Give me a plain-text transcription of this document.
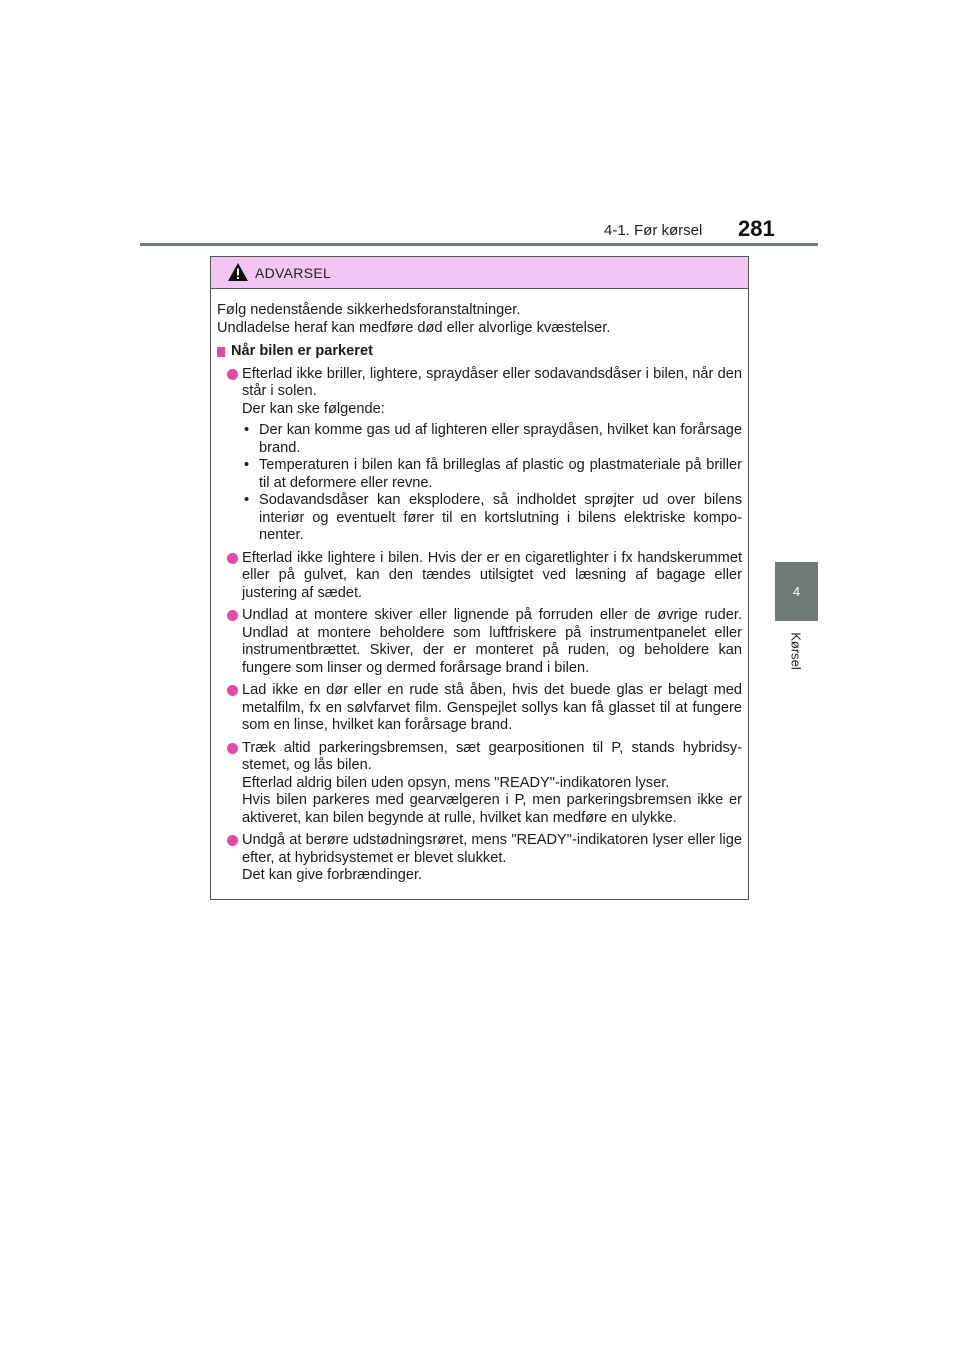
4-1. Før kørsel 281
4
Kørsel
ADVARSEL

Følg nedenstående sikkerhedsforanstaltninger.

Undladelse heraf kan medføre død eller alvorlige kvæstelser.

Når bilen er parkeret

Efterlad ikke briller, lightere, spraydåser eller sodavandsdåser i bilen, når den står i solen.

Der kan ske følgende:

• Der kan komme gas ud af lighteren eller spraydåsen, hvilket kan forårsage brand.
• Temperaturen i bilen kan få brilleglas af plastic og plastmateriale på briller til at deformere eller revne.
• Sodavandsdåser kan eksplodere, så indholdet sprøjter ud over bilens interiør og eventuelt fører til en kortslutning i bilens elektriske komponenter.

Efterlad ikke lightere i bilen. Hvis der er en cigaretlighter i fx handskerummet eller på gulvet, kan den tændes utilsigtet ved læsning af bagage eller justering af sædet.

Undlad at montere skiver eller lignende på forruden eller de øvrige ruder. Undlad at montere beholdere som luftfriskere på instrumentpanelet eller instrumentbrættet. Skiver, der er monteret på ruden, og beholdere kan fungere som linser og dermed forårsage brand i bilen.

Lad ikke en dør eller en rude stå åben, hvis det buede glas er belagt med metalfilm, fx en sølvfarvet film. Genspejlet sollys kan få glasset til at fungere som en linse, hvilket kan forårsage brand.

Træk altid parkeringsbremsen, sæt gearpositionen til P, stands hybridsystemet, og lås bilen.

Efterlad aldrig bilen uden opsyn, mens "READY"-indikatoren lyser.

Hvis bilen parkeres med gearvælgeren i P, men parkeringsbremsen ikke er aktiveret, kan bilen begynde at rulle, hvilket kan medføre en ulykke.

Undgå at berøre udstødningsrøret, mens "READY"-indikatoren lyser eller lige efter, at hybridsystemet er blevet slukket.

Det kan give forbrændinger.
